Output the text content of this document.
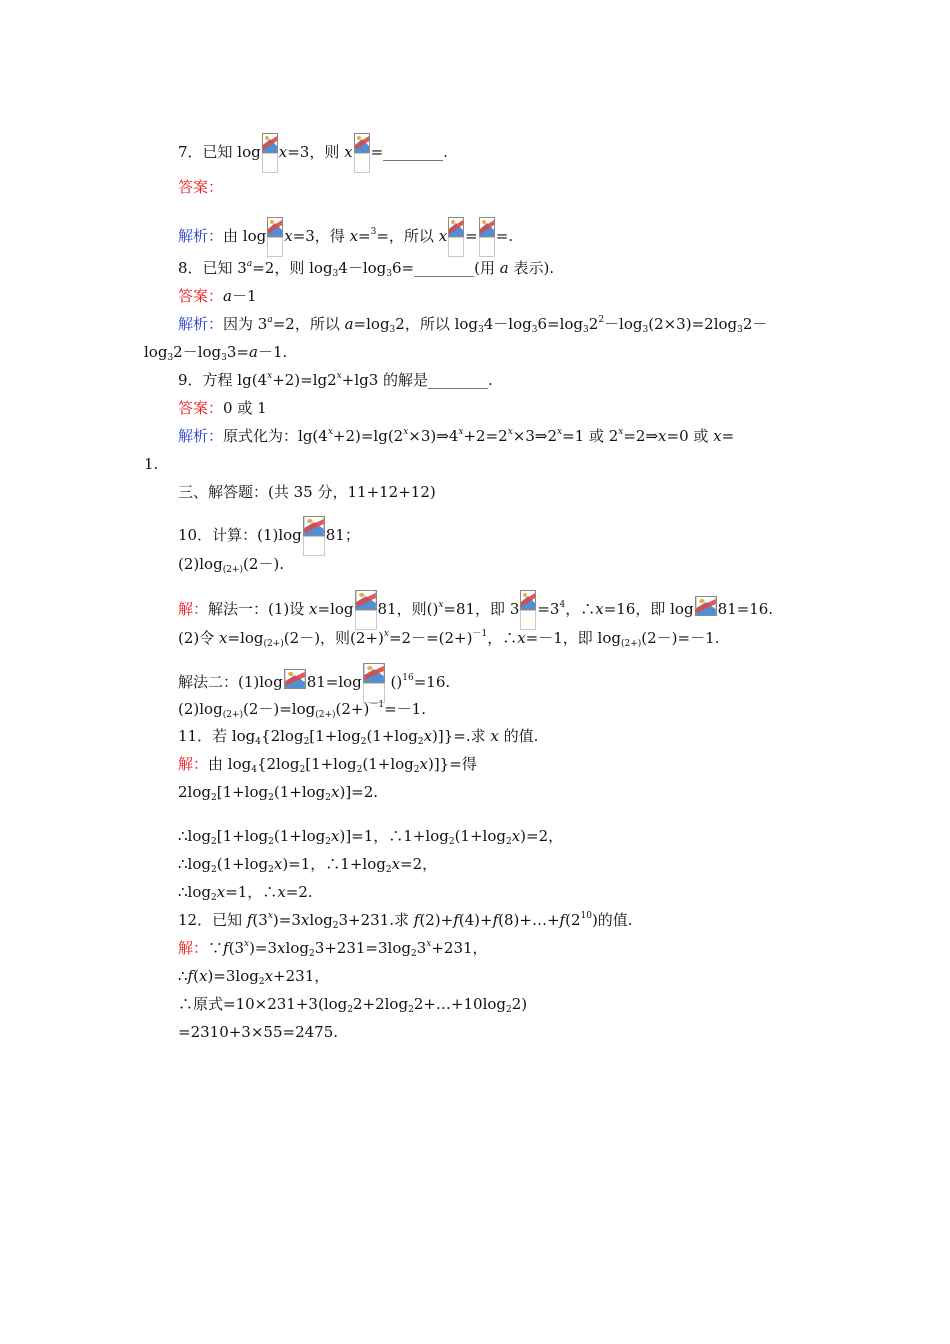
7．已知 log x=3，则 x =________.
答案：
解析：由 log x=3，得 x=$^3$=，所以 x = =.
8．已知 $3^a=2$，则 $\log_34-\log_36=\_\_\_\_\_\_\_\_$(用 a 表示).
答案：a－1
解析：因为 $3^a=2$，所以 $a=\log_32$，所以 $\log_34-\log_36=\log_32^2-\log_3(2\times 3)=2\log_32-$
$\log_32-\log_33=a-1$.
9．方程 $\lg(4^x+2)=\lg 2^x+\lg 3$ 的解是________.
答案：0 或 1
解析：原式化为：$\lg(4^x+2)=\lg(2^x\times 3)\Rightarrow 4^x+2=2^x\times 3\Rightarrow 2^x=1$ 或 $2^x=2\Rightarrow x=0$ 或 x=
1.
三、解答题：(共 35 分，11+12+12)
10．计算：(1)log 81；
$(2)\log_{(2+)}(2-)$.
解：解法一：(1)设 x=log 81，则()$^x$=81，即 $3 =3^4$，∴x=16，即 log 81=16.
(2)令 $x=\log_{(2+)}(2-)$，则$(2+)^x=2-=(2+)^{-1}$，∴x=－1，即 $\log_{(2+)}(2-)=-1$.
解法二：(1)log 81=log
()$^{16}$=16.
$(2)\log_{(2+)}(2-)=\log_{(2+)}(2+)^{-1}=-1$.
11．若 $\log_4\{2\log_2[1+\log_2(1+\log_2x)]\}=$.求 x 的值.
解：由 $\log_4\{2\log_2[1+\log_2(1+\log_2x)]\}=$得
$2\log_2[1+\log_2(1+\log_2x)]=2$.
$\therefore\log_2[1+\log_2(1+\log_2x)]=1$，$\therefore 1+\log_2(1+\log_2x)=2$，
$\therefore\log_2(1+\log_2x)=1$，$\therefore 1+\log_2x=2$，
$\therefore\log_2x=1$，∴x=2.
12．已知 $f(3^x)=3xlog_23+231$.求 $f(2)+f(4)+f(8)+\dots+f(2^{10})$的值.
解：$\because f(3^x)=3xlog_23+231=3\log_23^x+231$，
$\therefore f(x)=3\log_2x+231$，
∴原式$=10\times 231+3(\log_22+2\log_22+\dots+10\log_22)$
=2310+3×55=2475.
